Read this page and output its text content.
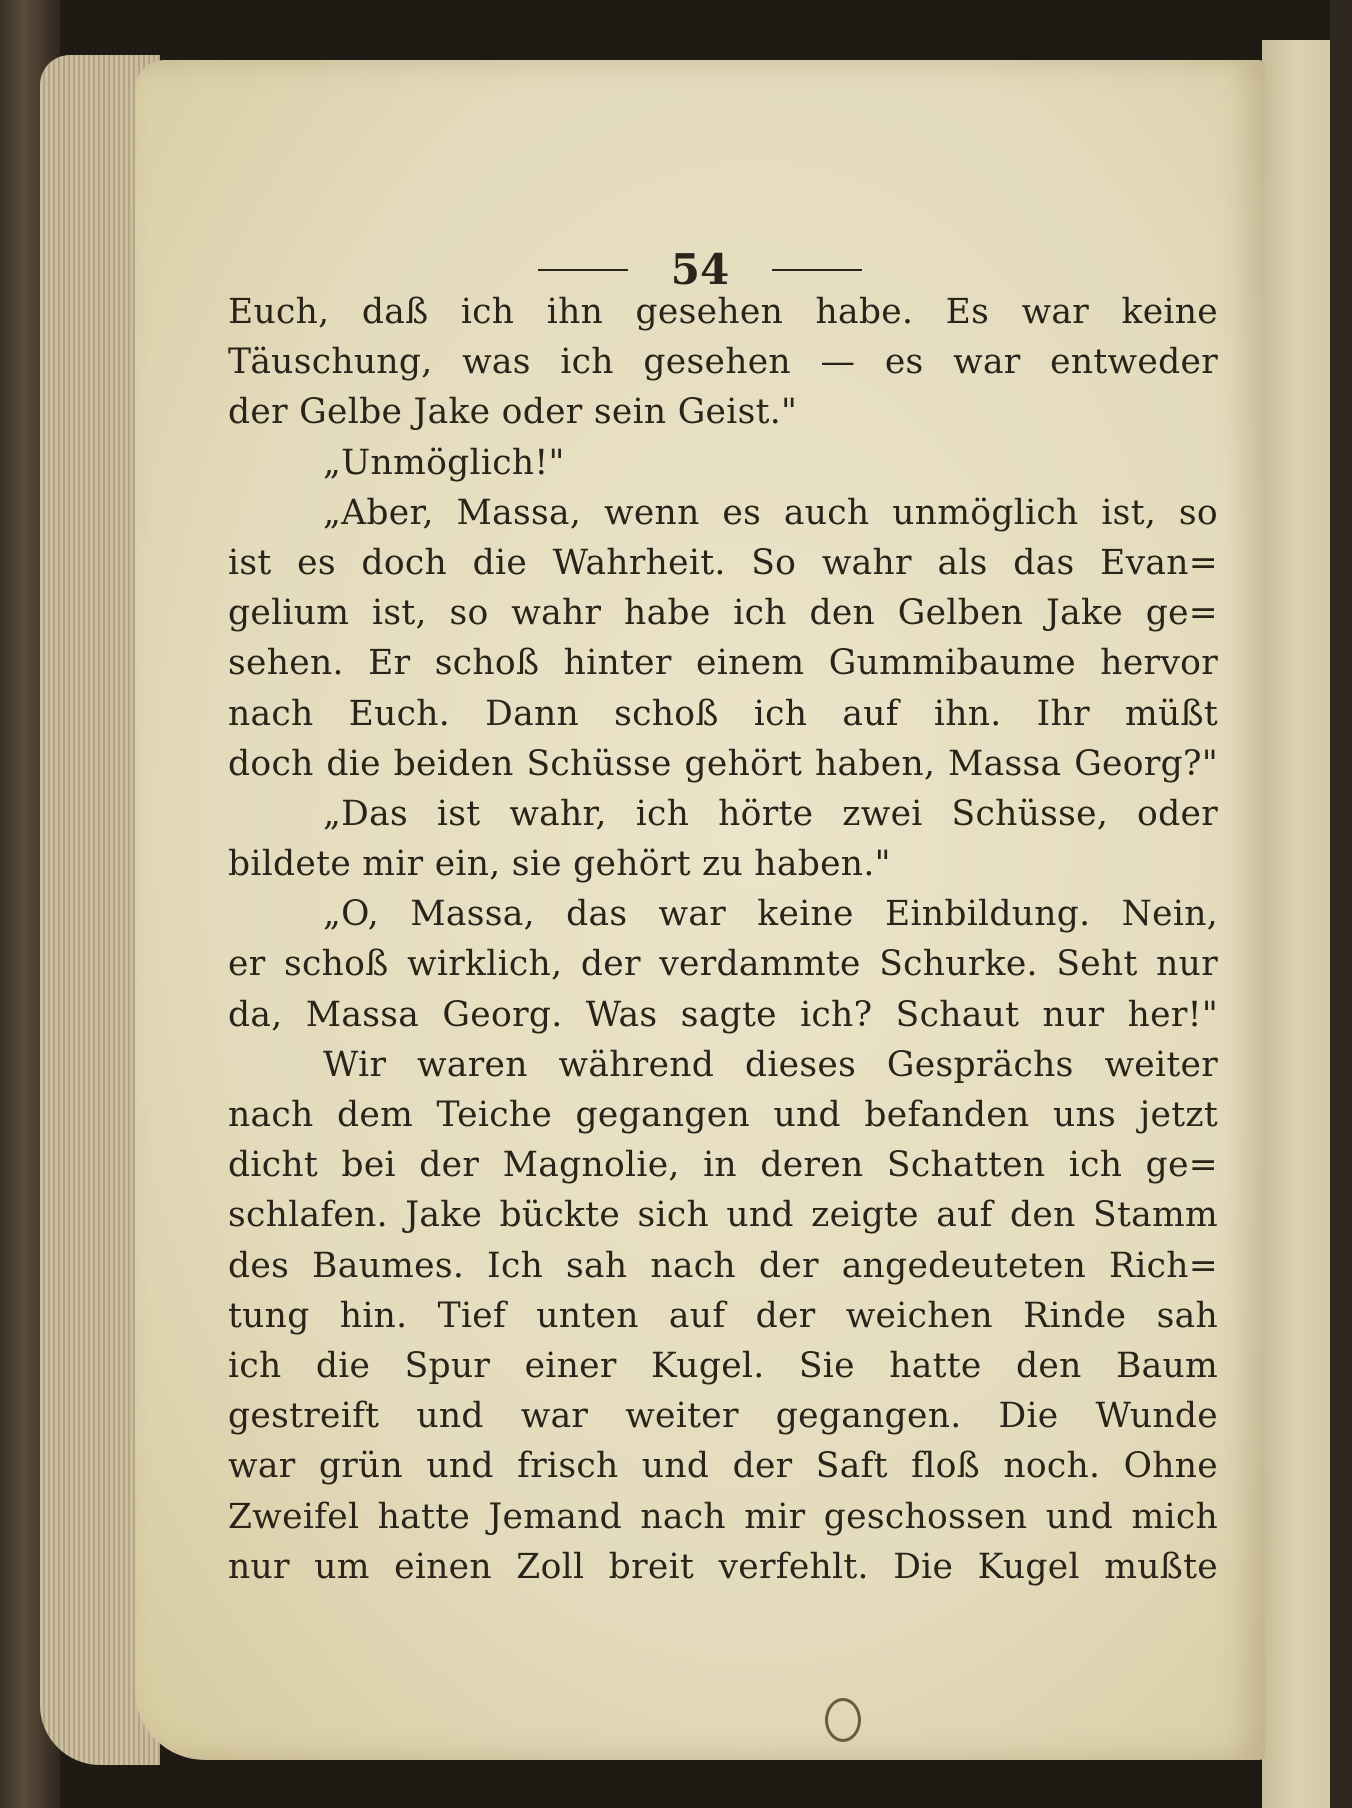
54
Euch, daß ich ihn gesehen habe. Es war keine
Täuschung, was ich gesehen — es war entweder
der Gelbe Jake oder sein Geist."
„Unmöglich!"
„Aber, Massa, wenn es auch unmöglich ist, so
ist es doch die Wahrheit. So wahr als das Evan=
gelium ist, so wahr habe ich den Gelben Jake ge=
sehen. Er schoß hinter einem Gummibaume hervor
nach Euch. Dann schoß ich auf ihn. Ihr müßt
doch die beiden Schüsse gehört haben, Massa Georg?"
„Das ist wahr, ich hörte zwei Schüsse, oder
bildete mir ein, sie gehört zu haben."
„O, Massa, das war keine Einbildung. Nein,
er schoß wirklich, der verdammte Schurke. Seht nur
da, Massa Georg. Was sagte ich? Schaut nur her!"
Wir waren während dieses Gesprächs weiter
nach dem Teiche gegangen und befanden uns jetzt
dicht bei der Magnolie, in deren Schatten ich ge=
schlafen. Jake bückte sich und zeigte auf den Stamm
des Baumes. Ich sah nach der angedeuteten Rich=
tung hin. Tief unten auf der weichen Rinde sah
ich die Spur einer Kugel. Sie hatte den Baum
gestreift und war weiter gegangen. Die Wunde
war grün und frisch und der Saft floß noch. Ohne
Zweifel hatte Jemand nach mir geschossen und mich
nur um einen Zoll breit verfehlt. Die Kugel mußte
